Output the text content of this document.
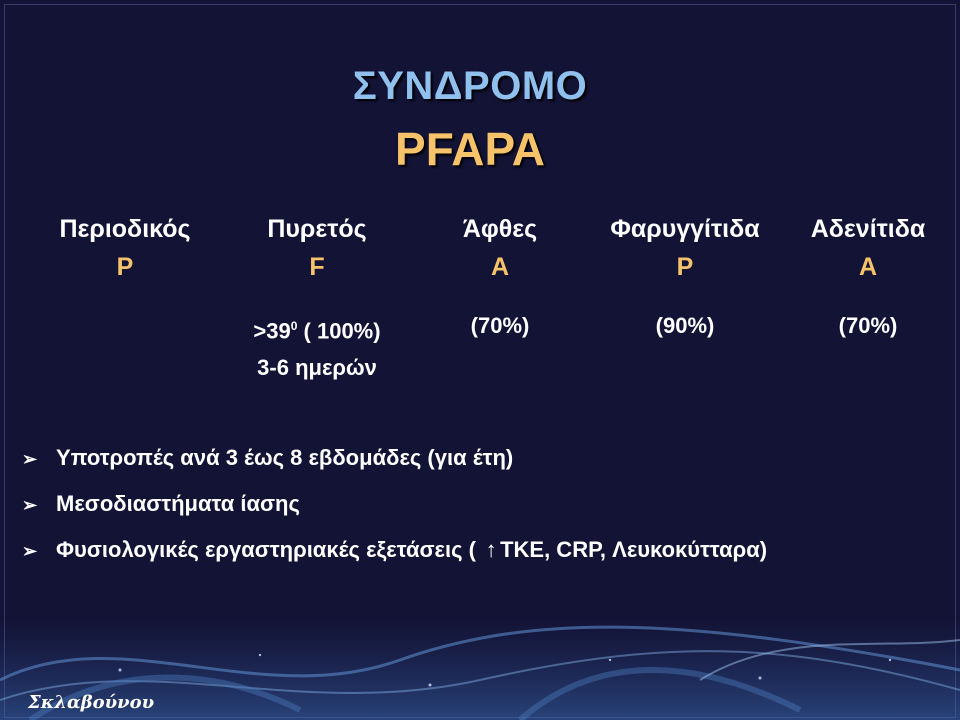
ΣΥΝΔΡΟΜΟ
PFAPA
Περιοδικός
P
Πυρετός
F
$>39^0$ ( 100%)
3-6 ημερών
Άφθες
A
(70%)
Φαρυγγίτιδα
P
(90%)
Αδενίτιδα
A
(70%)
➢ Υποτροπές ανά 3 έως 8 εβδομάδες (για έτη)
➢ Μεσοδιαστήματα ίασης
➢ Φυσιολογικές εργαστηριακές εξετάσεις ( ↑ ΤΚΕ, CRP, Λευκοκύτταρα)
Σκλαβούνου
